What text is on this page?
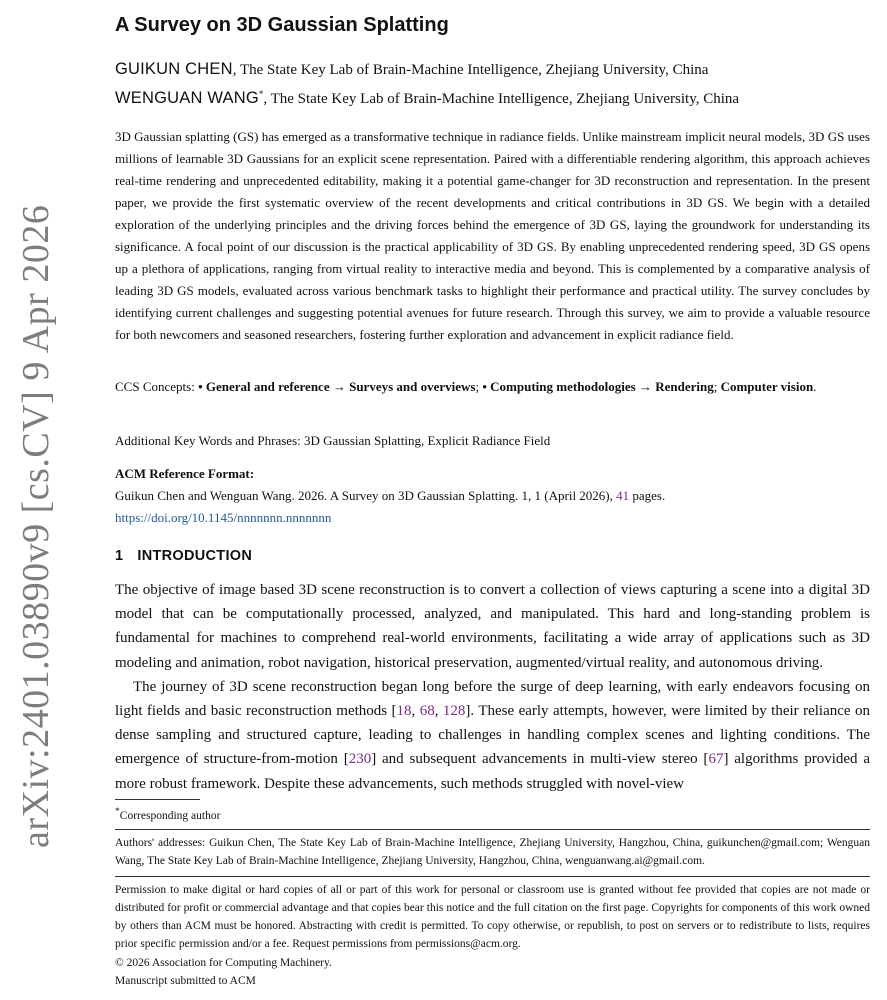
arXiv:2401.03890v9 [cs.CV] 9 Apr 2026
A Survey on 3D Gaussian Splatting
GUIKUN CHEN, The State Key Lab of Brain-Machine Intelligence, Zhejiang University, China
WENGUAN WANG*, The State Key Lab of Brain-Machine Intelligence, Zhejiang University, China

3D Gaussian splatting (GS) has emerged as a transformative technique in radiance fields. Unlike mainstream implicit neural models, 3D GS uses millions of learnable 3D Gaussians for an explicit scene representation. Paired with a differentiable rendering algorithm, this approach achieves real-time rendering and unprecedented editability, making it a potential game-changer for 3D reconstruction and representation. In the present paper, we provide the first systematic overview of the recent developments and critical contributions in 3D GS. We begin with a detailed exploration of the underlying principles and the driving forces behind the emergence of 3D GS, laying the groundwork for understanding its significance. A focal point of our discussion is the practical applicability of 3D GS. By enabling unprecedented rendering speed, 3D GS opens up a plethora of applications, ranging from virtual reality to interactive media and beyond. This is complemented by a comparative analysis of leading 3D GS models, evaluated across various benchmark tasks to highlight their performance and practical utility. The survey concludes by identifying current challenges and suggesting potential avenues for future research. Through this survey, we aim to provide a valuable resource for both newcomers and seasoned researchers, fostering further exploration and advancement in explicit radiance field.

CCS Concepts: • General and reference → Surveys and overviews; • Computing methodologies → Rendering; Computer vision.

Additional Key Words and Phrases: 3D Gaussian Splatting, Explicit Radiance Field

ACM Reference Format:

Guikun Chen and Wenguan Wang. 2026. A Survey on 3D Gaussian Splatting. 1, 1 (April 2026), 41 pages. https://doi.org/10.1145/nnnnnnn.nnnnnnn

1 INTRODUCTION

The objective of image based 3D scene reconstruction is to convert a collection of views capturing a scene into a digital 3D model that can be computationally processed, analyzed, and manipulated. This hard and long-standing problem is fundamental for machines to comprehend real-world environments, facilitating a wide array of applications such as 3D modeling and animation, robot navigation, historical preservation, augmented/virtual reality, and autonomous driving.

The journey of 3D scene reconstruction began long before the surge of deep learning, with early endeavors focusing on light fields and basic reconstruction methods [18, 68, 128]. These early attempts, however, were limited by their reliance on dense sampling and structured capture, leading to challenges in handling complex scenes and lighting conditions. The emergence of structure-from-motion [230] and subsequent advancements in multi-view stereo [67] algorithms provided a more robust framework. Despite these advancements, such methods struggled with novel-view

*Corresponding author

Authors' addresses: Guikun Chen, The State Key Lab of Brain-Machine Intelligence, Zhejiang University, Hangzhou, China, guikunchen@gmail.com; Wenguan Wang, The State Key Lab of Brain-Machine Intelligence, Zhejiang University, Hangzhou, China, wenguanwang.ai@gmail.com.

Permission to make digital or hard copies of all or part of this work for personal or classroom use is granted without fee provided that copies are not made or distributed for profit or commercial advantage and that copies bear this notice and the full citation on the first page. Copyrights for components of this work owned by others than ACM must be honored. Abstracting with credit is permitted. To copy otherwise, or republish, to post on servers or to redistribute to lists, requires prior specific permission and/or a fee. Request permissions from permissions@acm.org.

© 2026 Association for Computing Machinery.

Manuscript submitted to ACM
